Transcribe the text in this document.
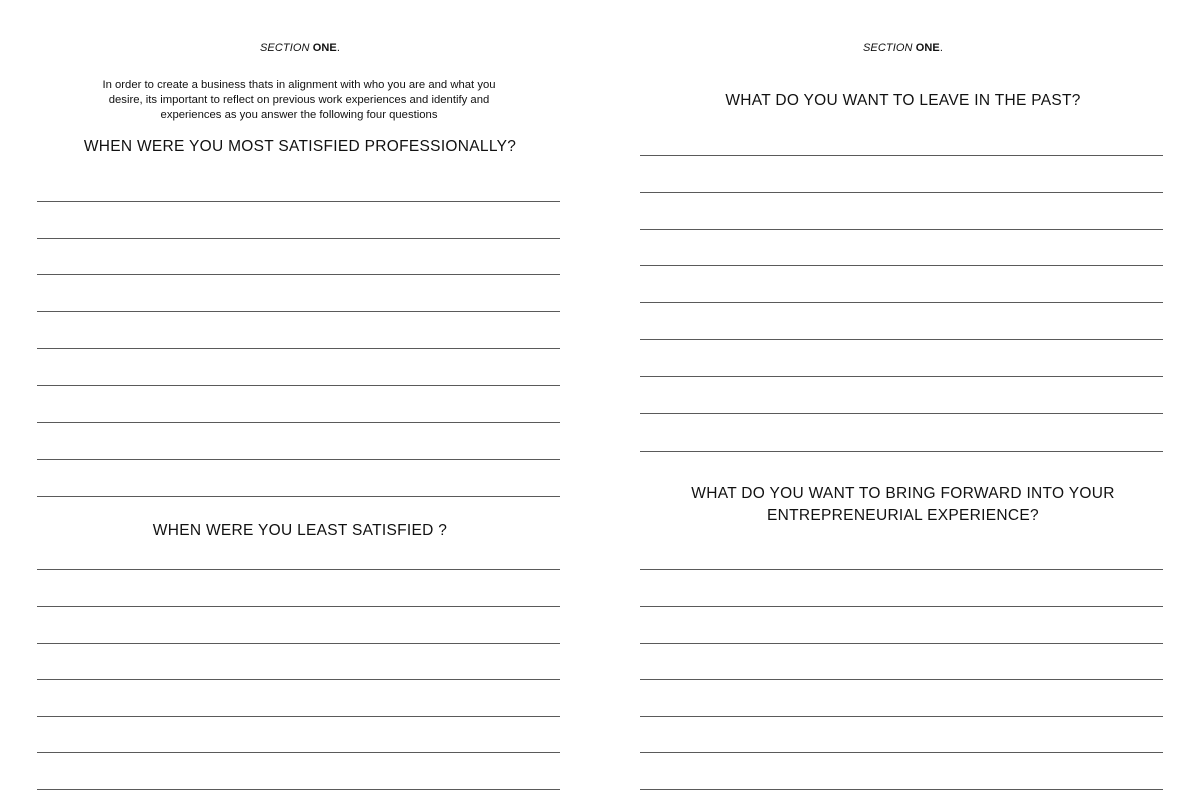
SECTION ONE.
In order to create a business thats in alignment with who you are and what you desire, its important to reflect on previous work experiences and identify and experiences as you answer the following four questions
WHEN WERE YOU MOST SATISFIED PROFESSIONALLY?
WHEN WERE YOU LEAST SATISFIED ?
SECTION ONE.
WHAT DO YOU WANT TO LEAVE IN THE PAST?
WHAT DO YOU WANT TO BRING FORWARD INTO YOUR ENTREPRENEURIAL EXPERIENCE?
